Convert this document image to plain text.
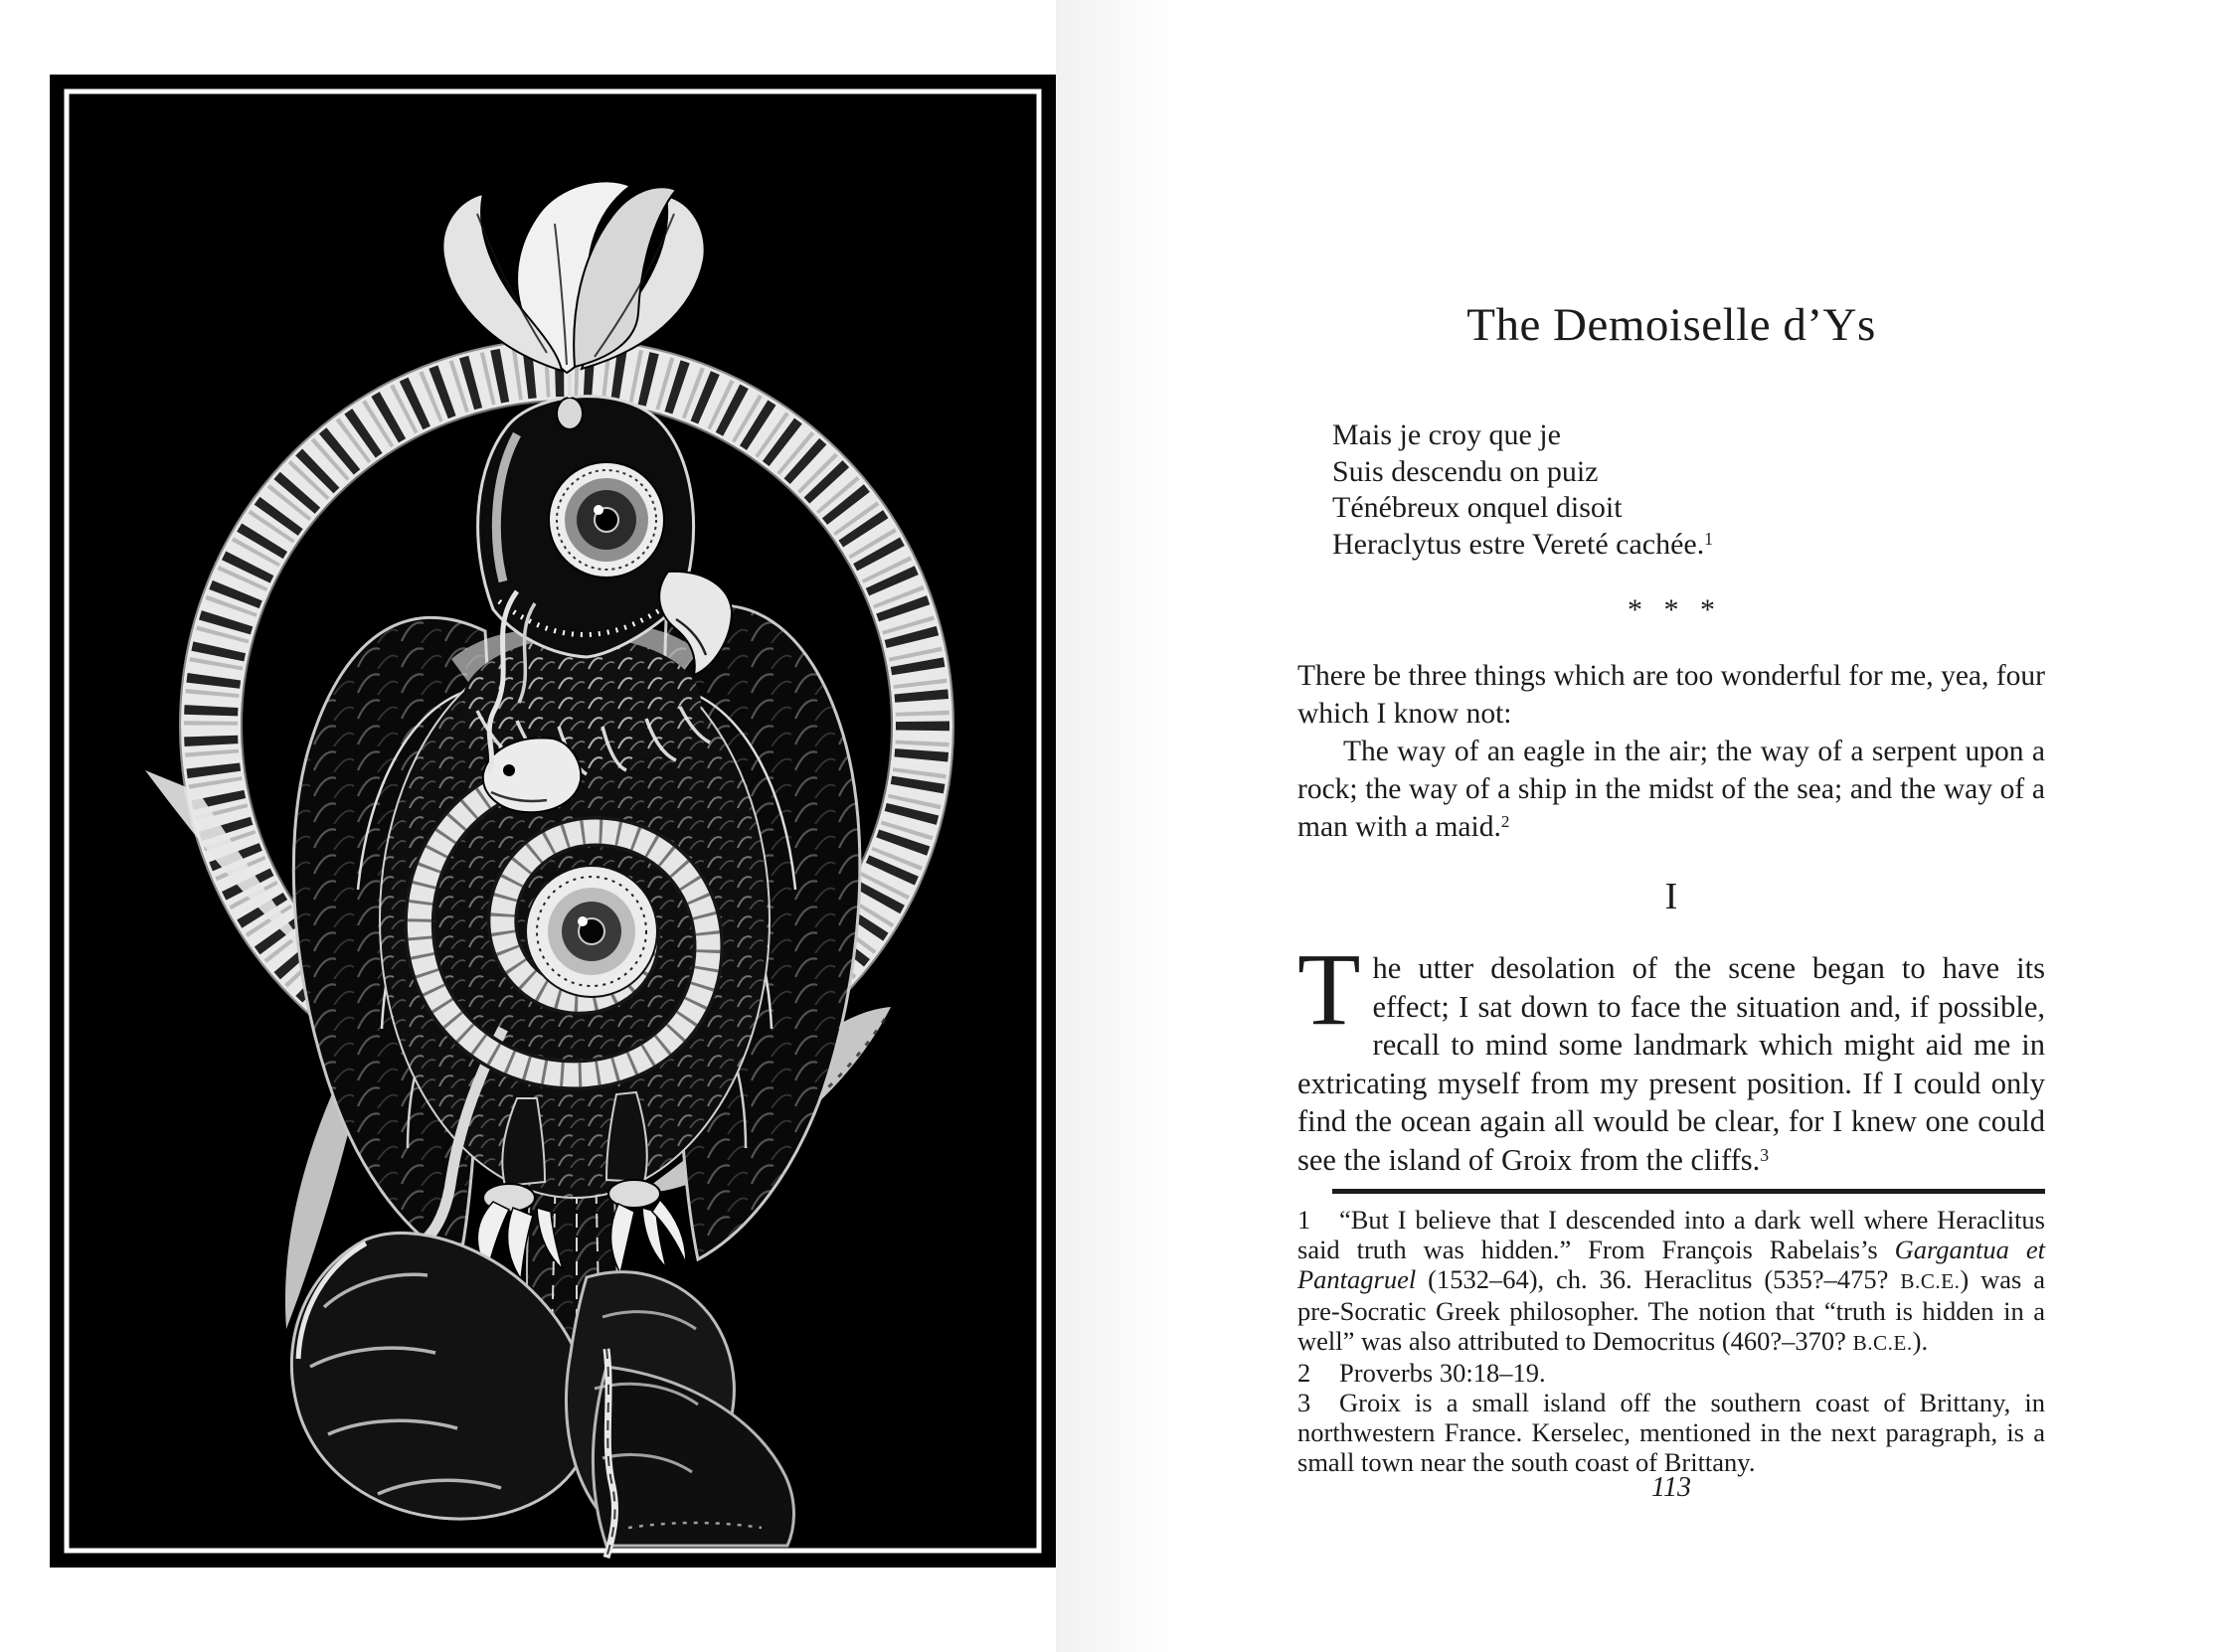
The Demoiselle d’Ys
Mais je croy que je
Suis descendu on puiz
Ténébreux onquel disoit
Heraclytus estre Vereté cachée.$^1$
* * *
There be three things which are too wonderful for me, yea, four which I know not:
The way of an eagle in the air; the way of a serpent upon a rock; the way of a ship in the midst of the sea; and the way of a man with a maid.$^2$
I
The utter desolation of the scene began to have its effect; I sat down to face the situation and, if possible, recall to mind some landmark which might aid me in extricating myself from my present position. If I could only find the ocean again all would be clear, for I knew one could see the island of Groix from the cliffs.$^3$
1 “But I believe that I descended into a dark well where Heraclitus said truth was hidden.” From François Rabelais’s Gargantua et Pantagruel (1532–64), ch. 36. Heraclitus (535?–475? B.C.E.) was a pre-Socratic Greek philosopher. The notion that “truth is hidden in a well” was also attributed to Democritus (460?–370? B.C.E.).
2 Proverbs 30:18–19.
3 Groix is a small island off the southern coast of Brittany, in northwestern France. Kerselec, mentioned in the next paragraph, is a small town near the south coast of Brittany.
113
